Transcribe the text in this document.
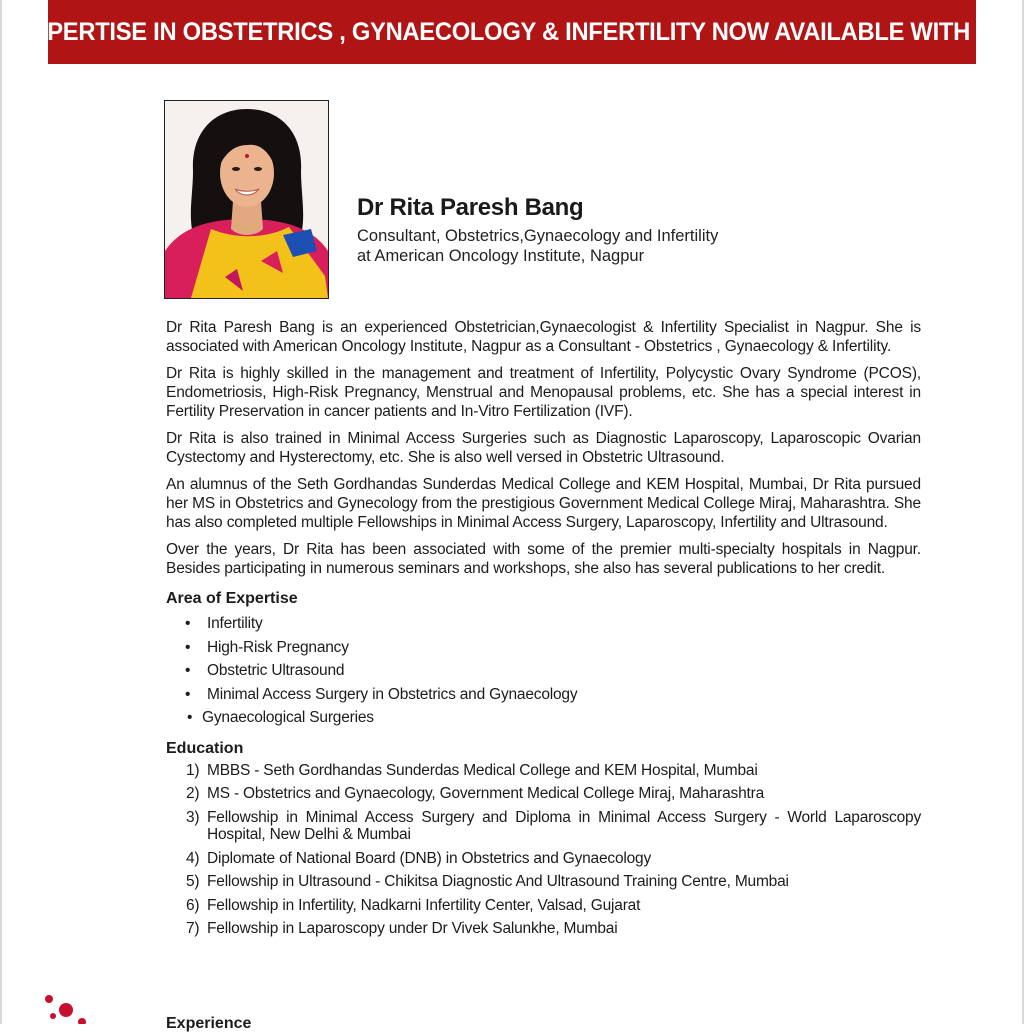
EXPERTISE IN OBSTETRICS , GYNAECOLOGY & INFERTILITY NOW AVAILABLE WITH US
Dr Rita Paresh Bang
Consultant, Obstetrics,Gynaecology and Infertility
at American Oncology Institute, Nagpur

Dr Rita Paresh Bang is an experienced Obstetrician,Gynaecologist & Infertility Specialist in Nagpur. She is associated with American Oncology Institute, Nagpur as a Consultant - Obstetrics , Gynaecology & Infertility.

Dr Rita is highly skilled in the management and treatment of Infertility, Polycystic Ovary Syndrome (PCOS), Endometriosis, High-Risk Pregnancy, Menstrual and Menopausal problems, etc. She has a special interest in Fertility Preservation in cancer patients and In-Vitro Fertilization (IVF).

Dr Rita is also trained in Minimal Access Surgeries such as Diagnostic Laparoscopy, Laparoscopic Ovarian Cystectomy and Hysterectomy, etc. She is also well versed in Obstetric Ultrasound.

An alumnus of the Seth Gordhandas Sunderdas Medical College and KEM Hospital, Mumbai, Dr Rita pursued her MS in Obstetrics and Gynecology from the prestigious Government Medical College Miraj, Maharashtra. She has also completed multiple Fellowships in Minimal Access Surgery, Laparoscopy, Infertility and Ultrasound.

Over the years, Dr Rita has been associated with some of the premier multi-specialty hospitals in Nagpur. Besides participating in numerous seminars and workshops, she also has several publications to her credit.

Area of Expertise
• Infertility
• High-Risk Pregnancy
• Obstetric Ultrasound
• Minimal Access Surgery in Obstetrics and Gynaecology
• Gynaecological Surgeries
Education
1) MBBS - Seth Gordhandas Sunderdas Medical College and KEM Hospital, Mumbai
2) MS - Obstetrics and Gynaecology, Government Medical College Miraj, Maharashtra
3) Fellowship in Minimal Access Surgery and Diploma in Minimal Access Surgery - World Laparoscopy Hospital, New Delhi & Mumbai
4) Diplomate of National Board (DNB) in Obstetrics and Gynaecology
5) Fellowship in Ultrasound - Chikitsa Diagnostic And Ultrasound Training Centre, Mumbai
6) Fellowship in Infertility, Nadkarni Infertility Center, Valsad, Gujarat
7) Fellowship in Laparoscopy under Dr Vivek Salunkhe, Mumbai
Experience
